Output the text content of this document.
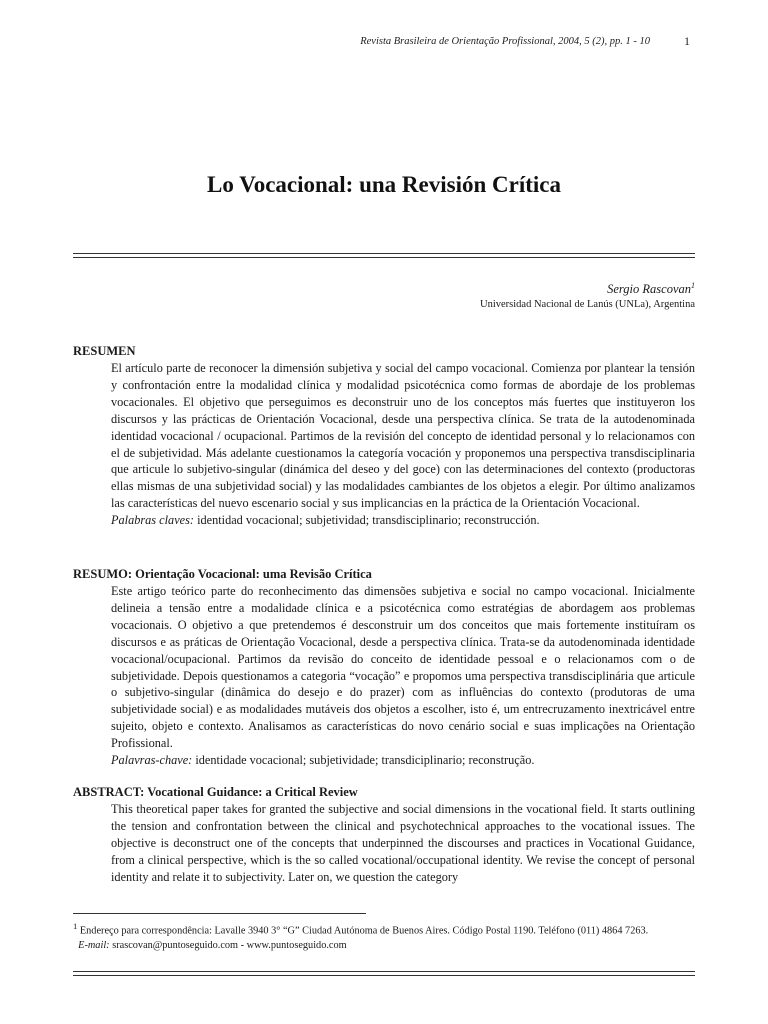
Revista Brasileira de Orientação Profissional, 2004, 5 (2), pp. 1 - 10	1
Lo Vocacional: una Revisión Crítica
Sergio Rascovan$^1$
Universidad Nacional de Lanús (UNLa), Argentina
RESUMEN

El artículo parte de reconocer la dimensión subjetiva y social del campo vocacional. Comienza por plantear la tensión y confrontación entre la modalidad clínica y modalidad psicotécnica como formas de abordaje de los problemas vocacionales. El objetivo que perseguimos es deconstruir uno de los conceptos más fuertes que instituyeron los discursos y las prácticas de Orientación Vocacional, desde una perspectiva clínica. Se trata de la autodenominada identidad vocacional / ocupacional. Partimos de la revisión del concepto de identidad personal y lo relacionamos con el de subjetividad. Más adelante cuestionamos la categoría vocación y proponemos una perspectiva transdisciplinaria que articule lo subjetivo-singular (dinámica del deseo y del goce) con las determinaciones del contexto (productoras ellas mismas de una subjetividad social) y las modalidades cambiantes de los objetos a elegir. Por último analizamos las características del nuevo escenario social y sus implicancias en la práctica de la Orientación Vocacional.
Palabras claves: identidad vocacional; subjetividad; transdisciplinario; reconstrucción.

RESUMO: Orientação Vocacional: uma Revisão Crítica

Este artigo teórico parte do reconhecimento das dimensões subjetiva e social no campo vocacional. Inicialmente delineia a tensão entre a modalidade clínica e a psicotécnica como estratégias de abordagem aos problemas vocacionais. O objetivo a que pretendemos é desconstruir um dos conceitos que mais fortemente instituíram os discursos e as práticas de Orientação Vocacional, desde a perspectiva clínica. Trata-se da autodenominada identidade vocacional/ocupacional. Partimos da revisão do conceito de identidade pessoal e o relacionamos com o de subjetividade. Depois questionamos a categoria “vocação” e propomos uma perspectiva transdisciplinária que articule o subjetivo-singular (dinâmica do desejo e do prazer) com as influências do contexto (produtoras de uma subjetividade social) e as modalidades mutáveis dos objetos a escolher, isto é, um entrecruzamento inextricável entre sujeito, objeto e contexto. Analisamos as características do novo cenário social e suas implicações na Orientação Profissional.
Palavras-chave: identidade vocacional; subjetividade; transdiciplinario; reconstrução.

ABSTRACT: Vocational Guidance: a Critical Review

This theoretical paper takes for granted the subjective and social dimensions in the vocational field. It starts outlining the tension and confrontation between the clinical and psychotechnical approaches to the vocational issues. The objective is deconstruct one of the concepts that underpinned the discourses and practices in Vocational Guidance, from a clinical perspective, which is the so called vocational/occupational identity. We revise the concept of personal identity and relate it to subjectivity. Later on, we question the category

$^1$ Endereço para correspondência: Lavalle 3940 3° “G” Ciudad Autónoma de Buenos Aires. Código Postal 1190. Teléfono (011) 4864 7263.
E-mail: srascovan@puntoseguido.com - www.puntoseguido.com
